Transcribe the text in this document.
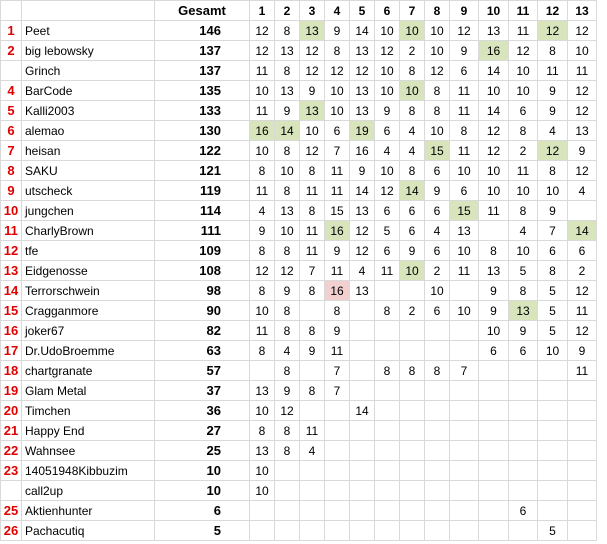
		Gesamt	1	2	3	4	5	6	7	8	9	10	11	12	13
1	Peet	146	12	8	13	9	14	10	10	10	12	13	11	12	12
2	big lebowsky	137	12	13	12	8	13	12	2	10	9	16	12	8	10
	Grinch	137	11	8	12	12	12	10	8	12	6	14	10	11	11
4	BarCode	135	10	13	9	10	13	10	10	8	11	10	10	9	12
5	Kalli2003	133	11	9	13	10	13	9	8	8	11	14	6	9	12
6	alemao	130	16	14	10	6	19	6	4	10	8	12	8	4	13
7	heisan	122	10	8	12	7	16	4	4	15	11	12	2	12	9
8	SAKU	121	8	10	8	11	9	10	8	6	10	10	11	8	12
9	utscheck	119	11	8	11	11	14	12	14	9	6	10	10	10	4
10	jungchen	114	4	13	8	15	13	6	6	6	15	11	8	9	
11	CharlyBrown	111	9	10	11	16	12	5	6	4	13		4	7	14
12	tfe	109	8	8	11	9	12	6	9	6	10	8	10	6	6
13	Eidgenosse	108	12	12	7	11	4	11	10	2	11	13	5	8	2
14	Terrorschwein	98	8	9	8	16	13			10		9	8	5	12
15	Cragganmore	90	10	8		8		8	2	6	10	9	13	5	11
16	joker67	82	11	8	8	9						10	9	5	12
17	Dr.UdoBroemme	63	8	4	9	11						6	6	10	9
18	chartgranate	57		8		7		8	8	8	7				11
19	Glam Metal	37	13	9	8	7									
20	Timchen	36	10	12			14								
21	Happy End	27	8	8	11										
22	Wahnsee	25	13	8	4										
23	14051948Kibbuzim	10	10												
	call2up	10	10												
25	Aktienhunter	6											6		
26	Pachacutiq	5												5	
